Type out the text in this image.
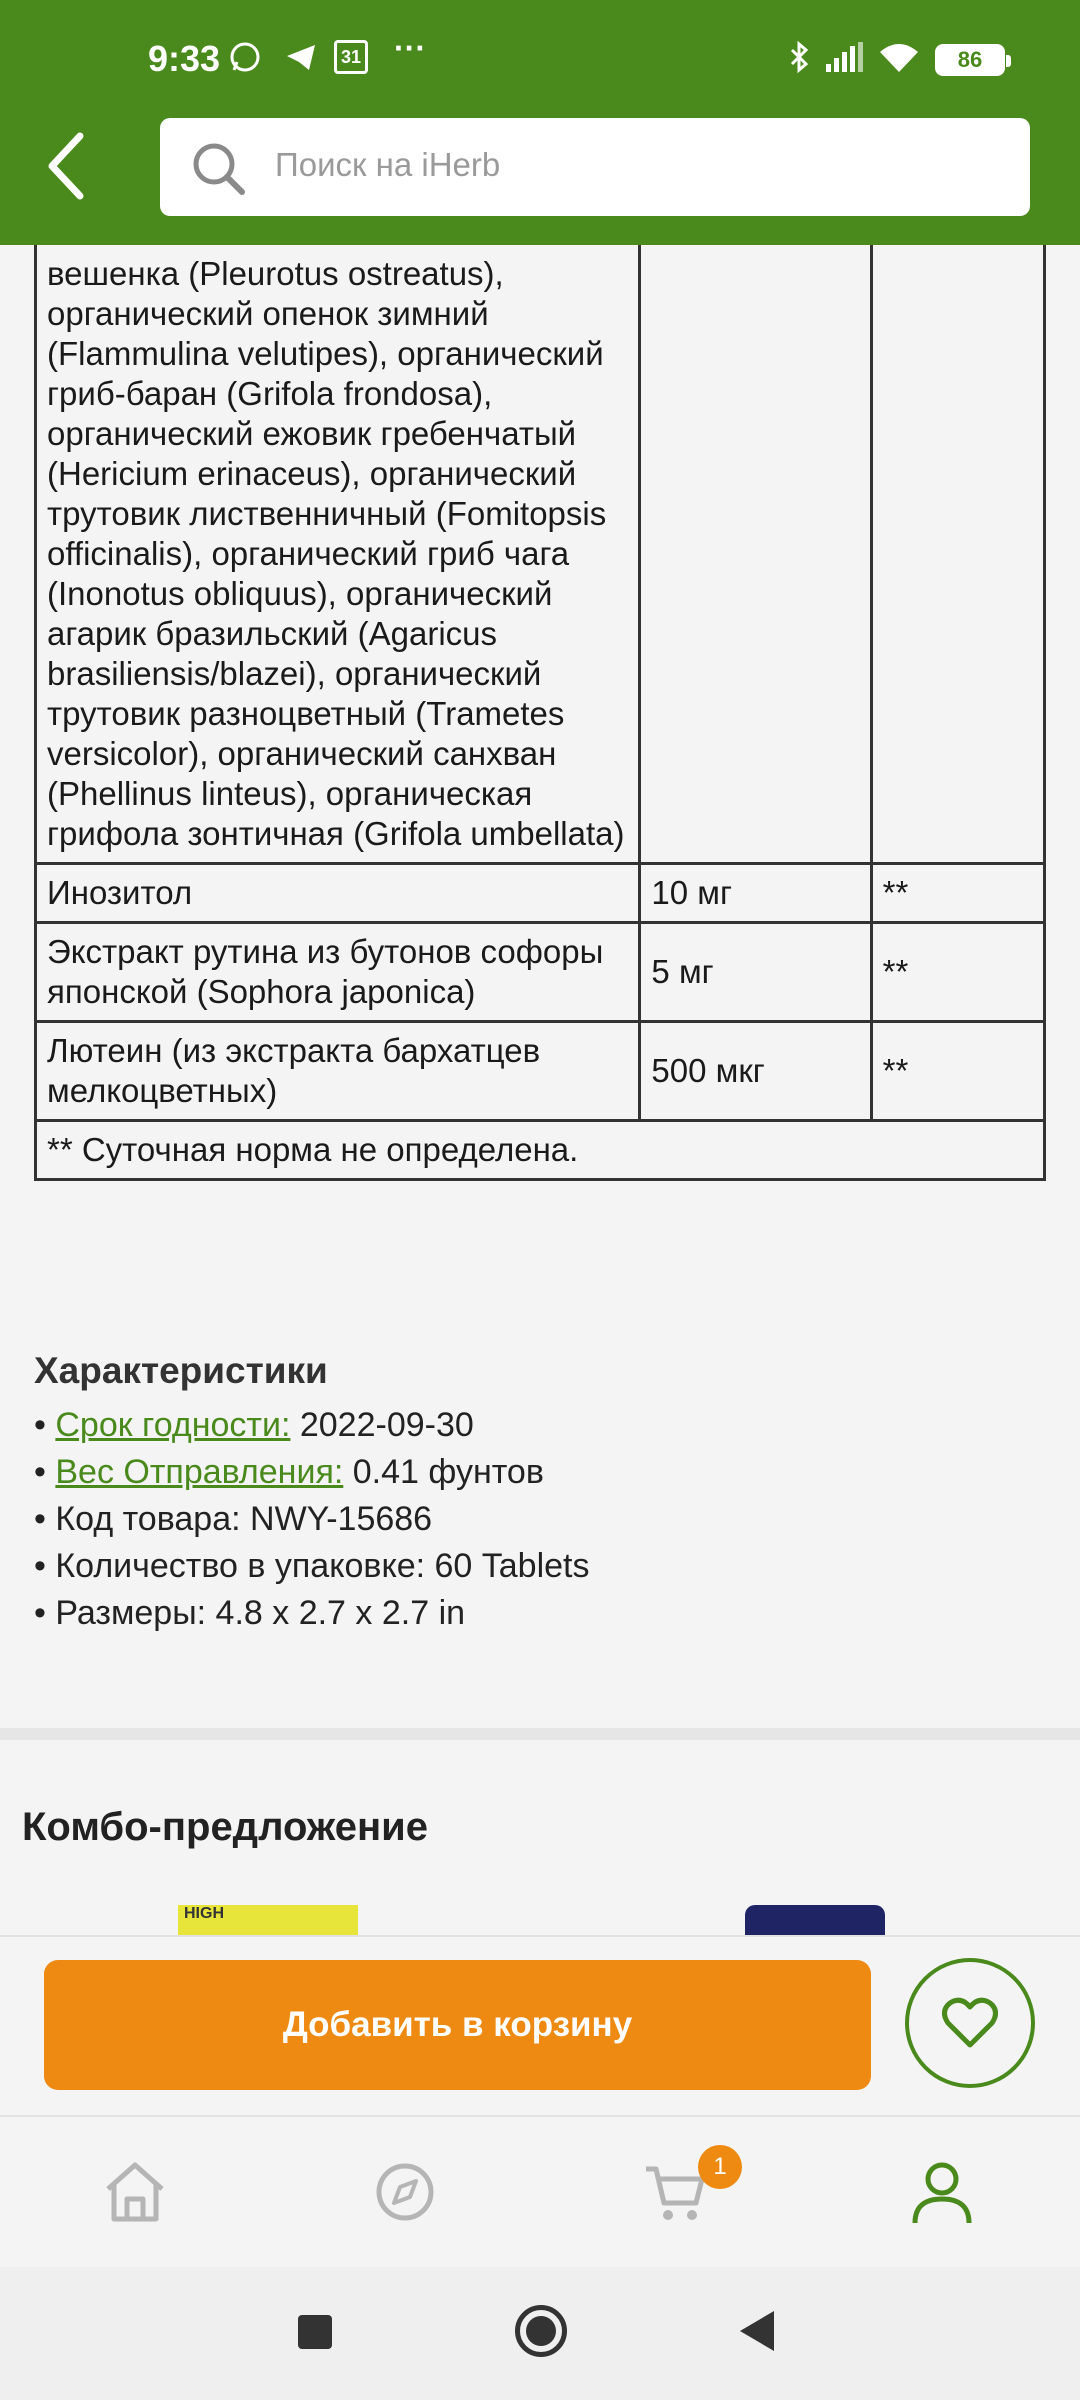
9:33	31 ···	86
Поиск на iHerb
вешенка (Pleurotus ostreatus), органический опенок зимний (Flammulina velutipes), органический гриб-баран (Grifola frondosa), органический ежовик гребенчатый (Hericium erinaceus), органический трутовик лиственничный (Fomitopsis officinalis), органический гриб чага (Inonotus obliquus), органический агарик бразильский (Agaricus brasiliensis/blazei), органический трутовик разноцветный (Trametes versicolor), органический санхван (Phellinus linteus), органическая грифола зонтичная (Grifola umbellata)		
Инозитол	10 мг	**
Экстракт рутина из бутонов софоры японской (Sophora japonica)	5 мг	**
Лютеин (из экстракта бархатцев мелкоцветных)	500 мкг	**
** Суточная норма не определена.		
Характеристики
• Срок годности: 2022-09-30
• Вес Отправления: 0.41 фунтов
• Код товара: NWY-15686
• Количество в упаковке: 60 Tablets
• Размеры: 4.8 x 2.7 x 2.7 in
Комбо-предложение
HIGH
Добавить в корзину
1
